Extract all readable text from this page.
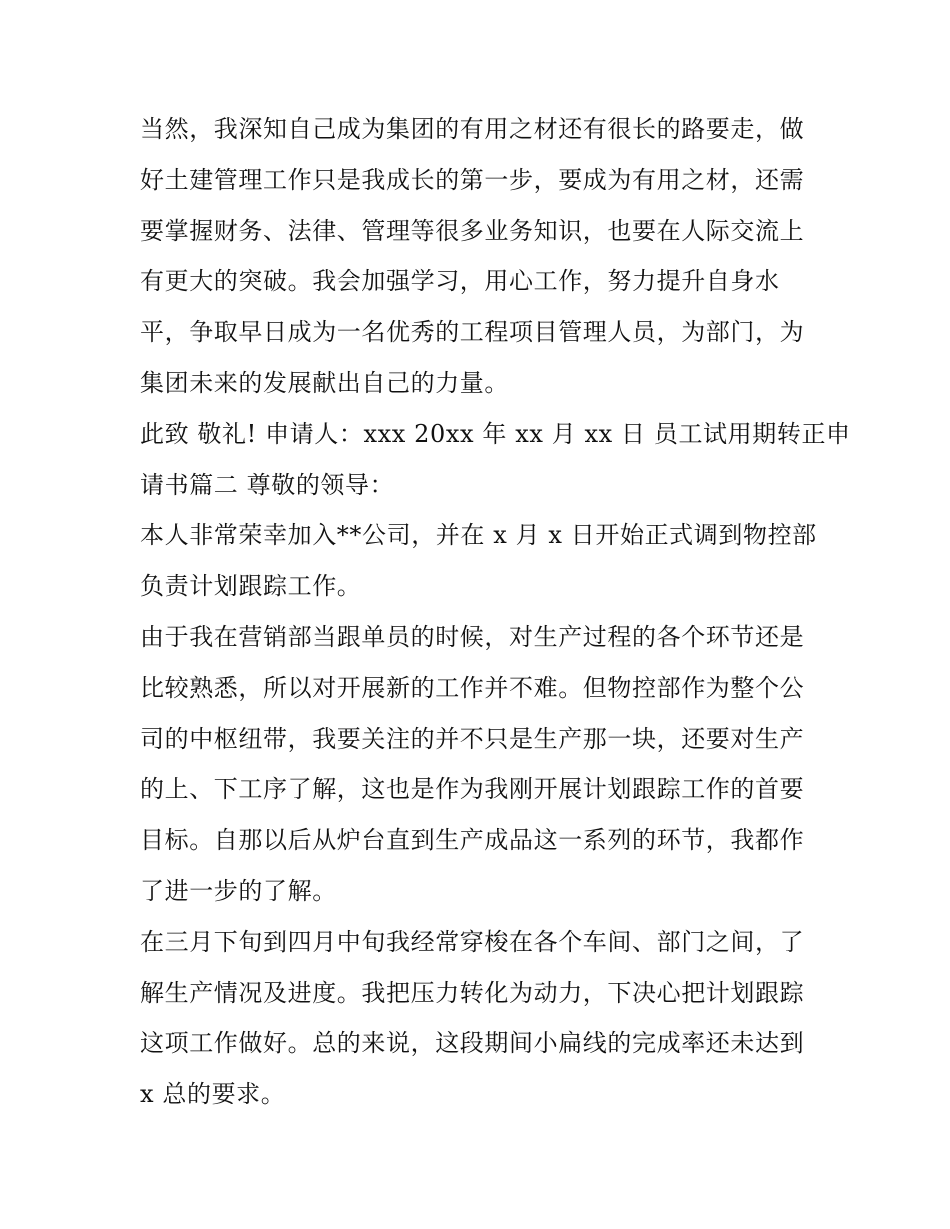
当然，我深知自己成为集团的有用之材还有很长的路要走，做
好土建管理工作只是我成长的第一步，要成为有用之材，还需
要掌握财务、法律、管理等很多业务知识，也要在人际交流上
有更大的突破。我会加强学习，用心工作，努力提升自身水
平，争取早日成为一名优秀的工程项目管理人员，为部门，为
集团未来的发展献出自己的力量。
此致 敬礼! 申请人：xxx 20xx 年 xx 月 xx 日 员工试用期转正申
请书篇二 尊敬的领导：
本人非常荣幸加入**公司，并在 x 月 x 日开始正式调到物控部
负责计划跟踪工作。
由于我在营销部当跟单员的时候，对生产过程的各个环节还是
比较熟悉，所以对开展新的工作并不难。但物控部作为整个公
司的中枢纽带，我要关注的并不只是生产那一块，还要对生产
的上、下工序了解，这也是作为我刚开展计划跟踪工作的首要
目标。自那以后从炉台直到生产成品这一系列的环节，我都作
了进一步的了解。
在三月下旬到四月中旬我经常穿梭在各个车间、部门之间，了
解生产情况及进度。我把压力转化为动力，下决心把计划跟踪
这项工作做好。总的来说，这段期间小扁线的完成率还未达到
x 总的要求。
